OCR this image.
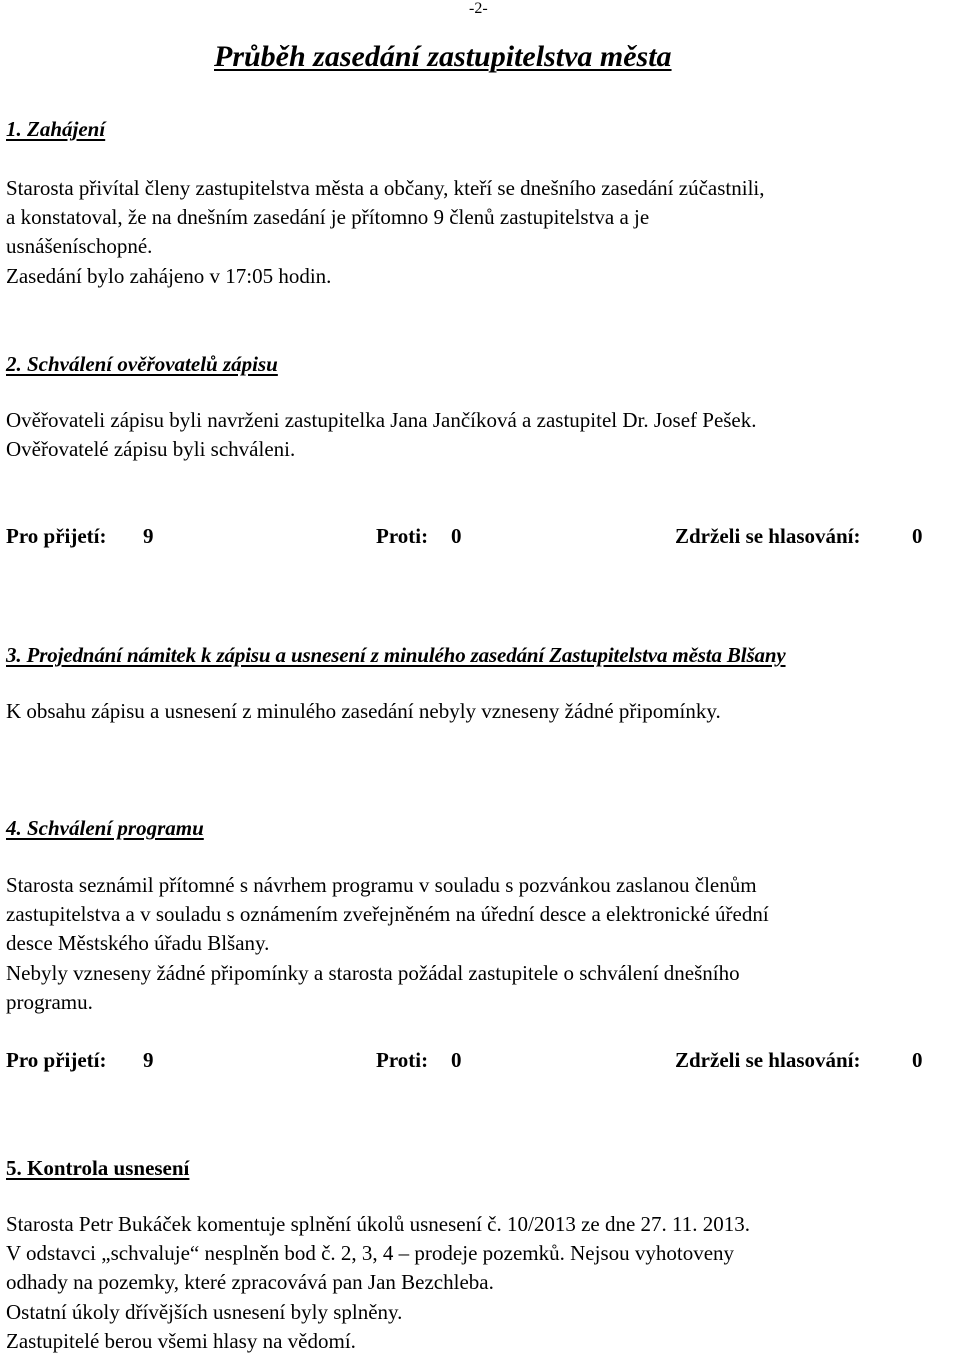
-2-
Průběh zasedání zastupitelstva města
1. Zahájení
Starosta přivítal členy zastupitelstva města a občany, kteří se dnešního zasedání zúčastnili,
a konstatoval, že na dnešním zasedání je přítomno 9 členů zastupitelstva a je
usnášeníschopné.
Zasedání bylo zahájeno v 17:05 hodin.
2. Schválení ověřovatelů zápisu
Ověřovateli zápisu byli navrženi zastupitelka Jana Jančíková a zastupitel Dr. Josef Pešek.
Ověřovatelé zápisu byli schváleni.
Pro přijetí: 9	Proti: 0	Zdrželi se hlasování: 0
3. Projednání námitek k zápisu a usnesení z minulého zasedání Zastupitelstva města Blšany
K obsahu zápisu a usnesení z minulého zasedání nebyly vzneseny žádné připomínky.
4. Schválení programu
Starosta seznámil přítomné s návrhem programu v souladu s pozvánkou zaslanou členům
zastupitelstva a v souladu s oznámením zveřejněném na úřední desce a elektronické úřední
desce Městského úřadu Blšany.
Nebyly vzneseny žádné připomínky a starosta požádal zastupitele o schválení dnešního
programu.
Pro přijetí: 9	Proti: 0	Zdrželi se hlasování: 0
5. Kontrola usnesení
Starosta Petr Bukáček komentuje splnění úkolů usnesení č. 10/2013 ze dne 27. 11. 2013.
V odstavci „schvaluje“ nesplněn bod č. 2, 3, 4 – prodeje pozemků. Nejsou vyhotoveny
odhady na pozemky, které zpracovává pan Jan Bezchleba.
Ostatní úkoly dřívějších usnesení byly splněny.
Zastupitelé berou všemi hlasy na vědomí.
